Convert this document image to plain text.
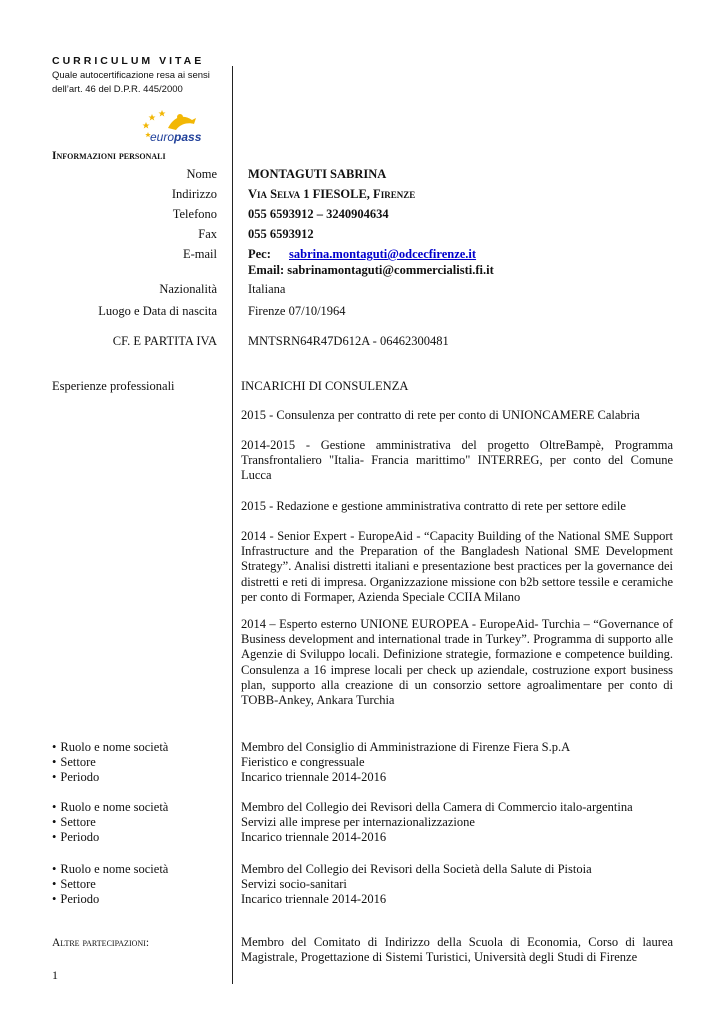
CURRICULUM VITAE
Quale autocertificazione resa ai sensi
dell’art. 46 del D.P.R. 445/2000
europass
Informazioni personali
Nome MONTAGUTI SABRINA
Indirizzo Via Selva 1 FIESOLE, Firenze
Telefono 055 6593912 – 3240904634
Fax 055 6593912
E-mail Pec: sabrina.montaguti@odcecfirenze.it
Email: sabrinamontaguti@commercialisti.fi.it
Nazionalità Italiana
Luogo e Data di nascita Firenze 07/10/1964
CF. E PARTITA IVA MNTSRN64R47D612A - 06462300481
Esperienze professionali	INCARICHI DI CONSULENZA
2015 - Consulenza per contratto di rete per conto di UNIONCAMERE Calabria
2014-2015 - Gestione amministrativa del progetto OltreBampè, Programma Transfrontaliero "Italia- Francia marittimo" INTERREG, per conto del Comune Lucca
2015 - Redazione e gestione amministrativa contratto di rete per settore edile
2014 - Senior Expert - EuropeAid - “Capacity Building of the National SME Support Infrastructure and the Preparation of the Bangladesh National SME Development Strategy”. Analisi distretti italiani e presentazione best practices per la governance dei distretti e reti di impresa. Organizzazione missione con b2b settore tessile e ceramiche per conto di Formaper, Azienda Speciale CCIIA Milano
2014 – Esperto esterno UNIONE EUROPEA - EuropeAid- Turchia – “Governance of Business development and international trade in Turkey”. Programma di supporto alle Agenzie di Sviluppo locali. Definizione strategie, formazione e competence building. Consulenza a 16 imprese locali per check up aziendale, costruzione export business plan, supporto alla creazione di un consorzio settore agroalimentare per conto di TOBB-Ankey, Ankara Turchia
• Ruolo e nome società
• Settore
• Periodo
Membro del Consiglio di Amministrazione di Firenze Fiera S.p.A
Fieristico e congressuale
Incarico triennale 2014-2016
• Ruolo e nome società
• Settore
• Periodo
Membro del Collegio dei Revisori della Camera di Commercio italo-argentina
Servizi alle imprese per internazionalizzazione
Incarico triennale 2014-2016
• Ruolo e nome società
• Settore
• Periodo
Membro del Collegio dei Revisori della Società della Salute di Pistoia
Servizi socio-sanitari
Incarico triennale 2014-2016
Altre partecipazioni:	Membro del Comitato di Indirizzo della Scuola di Economia, Corso di laurea Magistrale, Progettazione di Sistemi Turistici, Università degli Studi di Firenze
1
